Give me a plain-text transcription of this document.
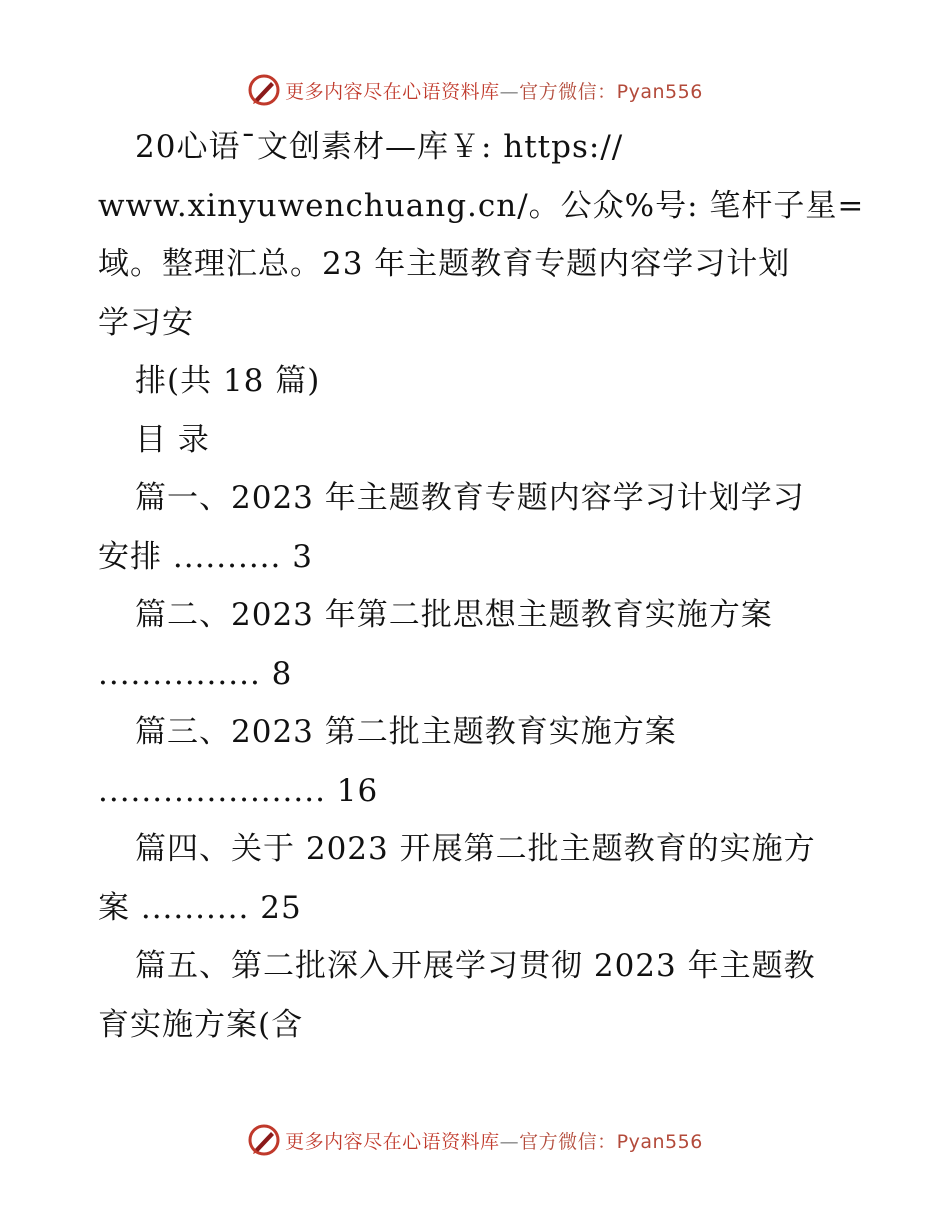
更多内容尽在心语资料库—官方微信：Pyan556
20心语¯文创素材—库￥: https://
www.xinyuwenchuang.cn/。公众%号: 笔杆子星=
域。整理汇总。23 年主题教育专题内容学习计划
学习安
排(共 18 篇)
目 录
篇一、2023 年主题教育专题内容学习计划学习
安排 .......... 3
篇二、2023 年第二批思想主题教育实施方案
............... 8
篇三、2023 第二批主题教育实施方案
..................... 16
篇四、关于 2023 开展第二批主题教育的实施方
案 .......... 25
篇五、第二批深入开展学习贯彻 2023 年主题教
育实施方案(含
更多内容尽在心语资料库—官方微信：Pyan556
